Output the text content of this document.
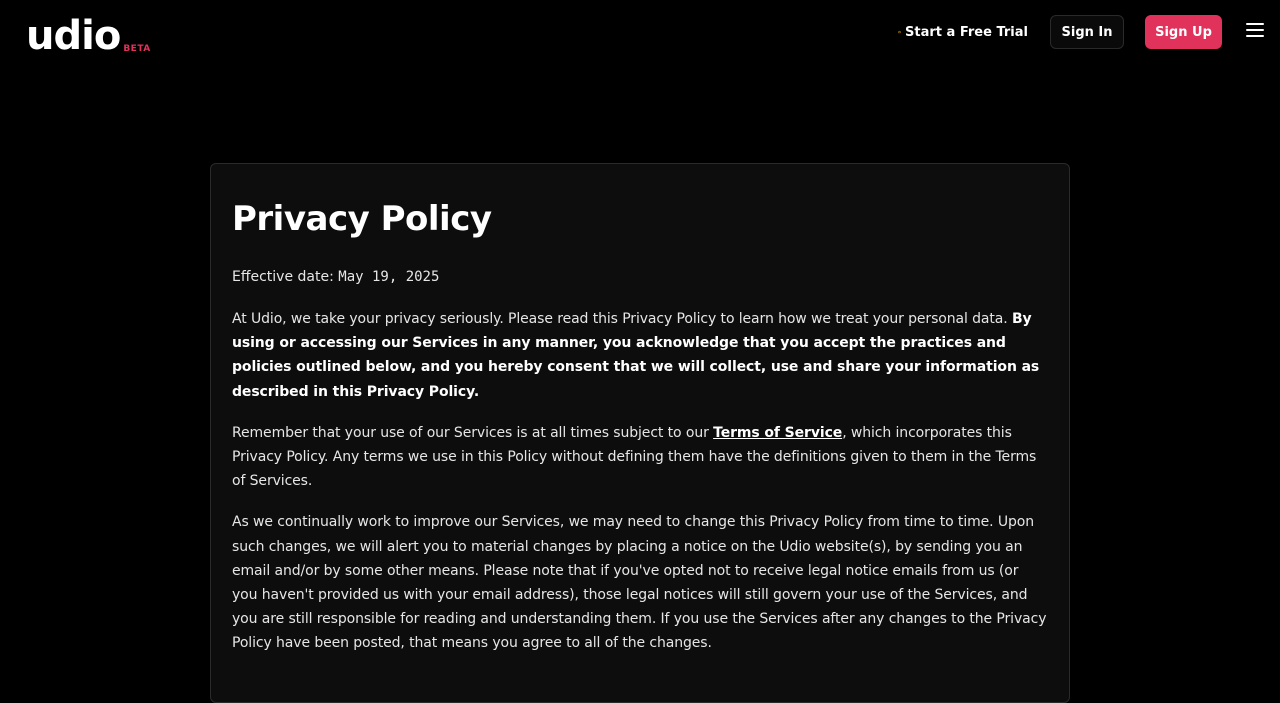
udio BETA
Start a Free Trial	Sign In	Sign Up
Privacy Policy
Effective date: May 19, 2025

At Udio, we take your privacy seriously. Please read this Privacy Policy to learn how we treat your personal data. By using or accessing our Services in any manner, you acknowledge that you accept the practices and policies outlined below, and you hereby consent that we will collect, use and share your information as described in this Privacy Policy.

Remember that your use of our Services is at all times subject to our Terms of Service, which incorporates this Privacy Policy. Any terms we use in this Policy without defining them have the definitions given to them in the Terms of Services.

As we continually work to improve our Services, we may need to change this Privacy Policy from time to time. Upon such changes, we will alert you to material changes by placing a notice on the Udio website(s), by sending you an email and/or by some other means. Please note that if you've opted not to receive legal notice emails from us (or you haven't provided us with your email address), those legal notices will still govern your use of the Services, and you are still responsible for reading and understanding them. If you use the Services after any changes to the Privacy Policy have been posted, that means you agree to all of the changes.
